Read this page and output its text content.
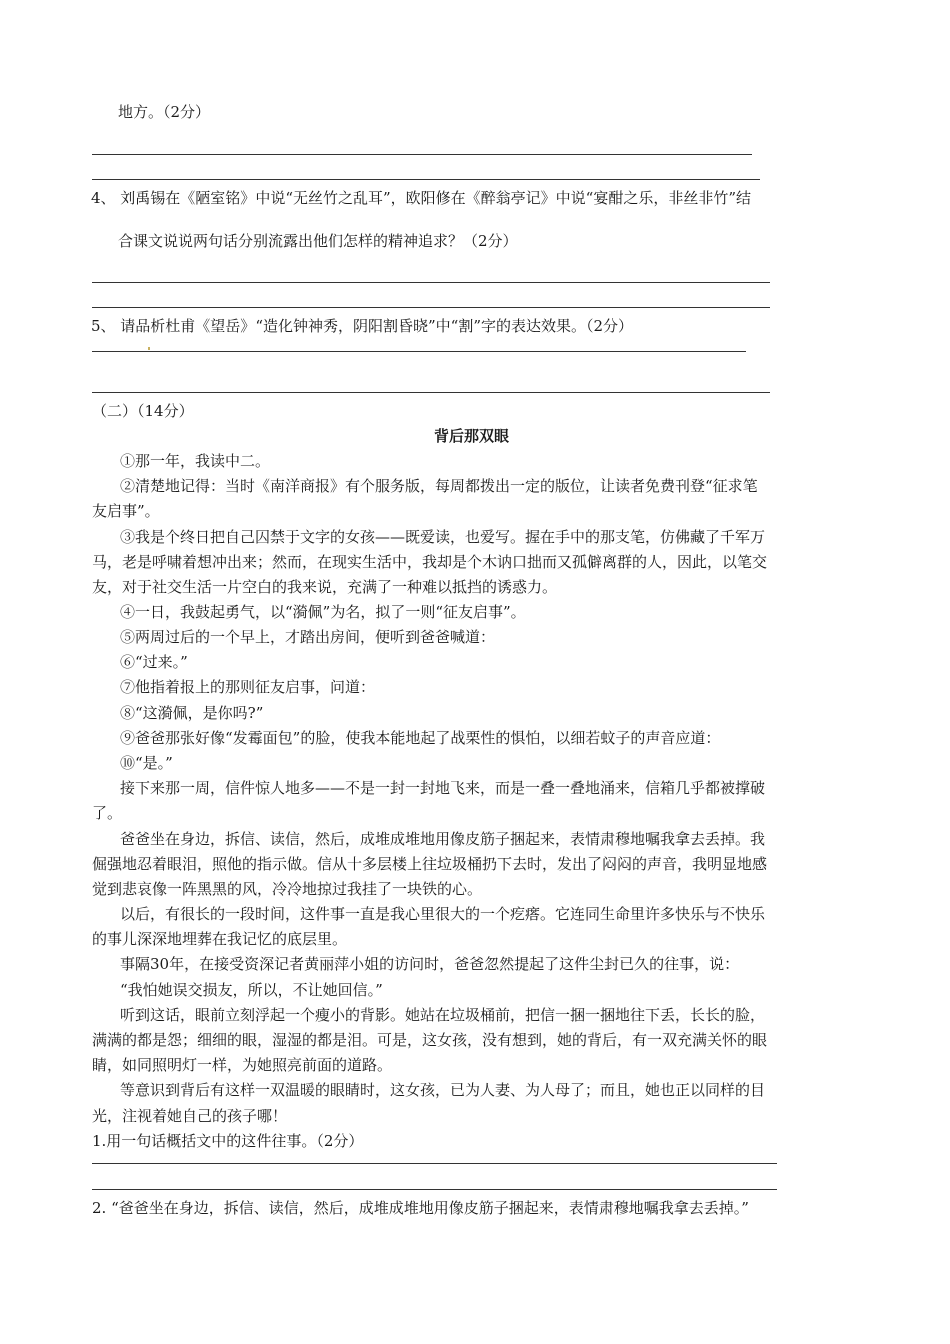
地方。（2分）
4、 刘禹锡在《陋室铭》中说“无丝竹之乱耳”，欧阳修在《醉翁亭记》中说“宴酣之乐，非丝非竹”结
合课文说说两句话分别流露出他们怎样的精神追求？（2分）
5、 请品析杜甫《望岳》“造化钟神秀，阴阳割昏晓”中“割”字的表达效果。（2分）
（二）（14分）
背后那双眼
①那一年，我读中二。
②清楚地记得：当时《南洋商报》有个服务版，每周都拨出一定的版位，让读者免费刊登“征求笔
友启事”。
③我是个终日把自己囚禁于文字的女孩——既爱读，也爱写。握在手中的那支笔，仿佛藏了千军万
马，老是呼啸着想冲出来；然而，在现实生活中，我却是个木讷口拙而又孤僻离群的人，因此，以笔交
友，对于社交生活一片空白的我来说，充满了一种难以抵挡的诱惑力。
④一日，我鼓起勇气，以“漪佩”为名，拟了一则“征友启事”。
⑤两周过后的一个早上，才踏出房间，便听到爸爸喊道：
⑥“过来。”
⑦他指着报上的那则征友启事，问道：
⑧“这漪佩，是你吗?”
⑨爸爸那张好像“发霉面包”的脸，使我本能地起了战栗性的惧怕，以细若蚊子的声音应道：
⑩“是。”
接下来那一周，信件惊人地多——不是一封一封地飞来，而是一叠一叠地涌来，信箱几乎都被撑破
了。
爸爸坐在身边，拆信、读信，然后，成堆成堆地用像皮筋子捆起来，表情肃穆地嘱我拿去丢掉。我
倔强地忍着眼泪，照他的指示做。信从十多层楼上往垃圾桶扔下去时，发出了闷闷的声音，我明显地感
觉到悲哀像一阵黑黑的风，冷冷地掠过我挂了一块铁的心。
以后，有很长的一段时间，这件事一直是我心里很大的一个疙瘩。它连同生命里许多快乐与不快乐
的事儿深深地埋葬在我记忆的底层里。
事隔30年，在接受资深记者黄丽萍小姐的访问时，爸爸忽然提起了这件尘封已久的往事，说：
“我怕她误交损友，所以，不让她回信。”
听到这话，眼前立刻浮起一个瘦小的背影。她站在垃圾桶前，把信一捆一捆地往下丢，长长的脸，
满满的都是怨；细细的眼，湿湿的都是泪。可是，这女孩，没有想到，她的背后，有一双充满关怀的眼
睛，如同照明灯一样，为她照亮前面的道路。
等意识到背后有这样一双温暖的眼睛时，这女孩，已为人妻、为人母了；而且，她也正以同样的目
光，注视着她自己的孩子哪！
1.用一句话概括文中的这件往事。（2分）
2. “爸爸坐在身边，拆信、读信，然后，成堆成堆地用像皮筋子捆起来，表情肃穆地嘱我拿去丢掉。”
